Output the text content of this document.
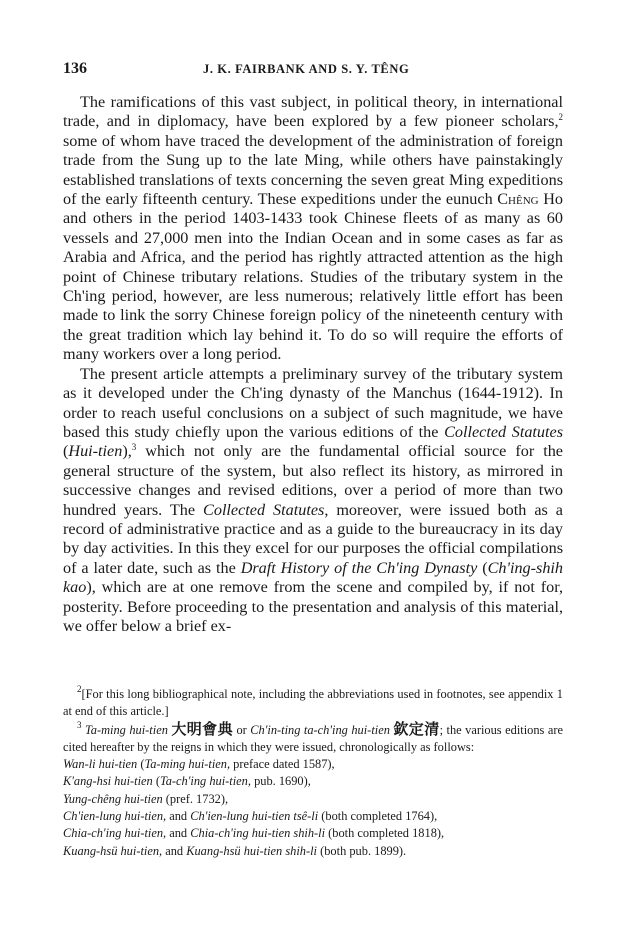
136	J. K. FAIRBANK AND S. Y. TÊNG

The ramifications of this vast subject, in political theory, in international trade, and in diplomacy, have been explored by a few pioneer scholars,$^2$ some of whom have traced the development of the administration of foreign trade from the Sung up to the late Ming, while others have painstakingly established translations of texts concerning the seven great Ming expeditions of the early fifteenth century. These expeditions under the eunuch Chêng Ho and others in the period 1403-1433 took Chinese fleets of as many as 60 vessels and 27,000 men into the Indian Ocean and in some cases as far as Arabia and Africa, and the period has rightly attracted attention as the high point of Chinese tributary relations. Studies of the tributary system in the Ch'ing period, however, are less numerous; relatively little effort has been made to link the sorry Chinese foreign policy of the nineteenth century with the great tradition which lay behind it. To do so will require the efforts of many workers over a long period.

The present article attempts a preliminary survey of the tributary system as it developed under the Ch'ing dynasty of the Manchus (1644-1912). In order to reach useful conclusions on a subject of such magnitude, we have based this study chiefly upon the various editions of the Collected Statutes (Hui-tien),$^3$ which not only are the fundamental official source for the general structure of the system, but also reflect its history, as mirrored in successive changes and revised editions, over a period of more than two hundred years. The Collected Statutes, moreover, were issued both as a record of administrative practice and as a guide to the bureaucracy in its day by day activities. In this they excel for our purposes the official compilations of a later date, such as the Draft History of the Ch'ing Dynasty (Ch'ing-shih kao), which are at one remove from the scene and compiled by, if not for, posterity. Before proceeding to the presentation and analysis of this material, we offer below a brief ex-

$^2$[For this long bibliographical note, including the abbreviations used in footnotes, see appendix 1 at end of this article.]

$^3$ Ta-ming hui-tien 大明會典 or Ch'in-ting ta-ch'ing hui-tien 欽定清; the various editions are cited hereafter by the reigns in which they were issued, chronologically as follows:

Wan-li hui-tien (Ta-ming hui-tien, preface dated 1587),
K'ang-hsi hui-tien (Ta-ch'ing hui-tien, pub. 1690),
Yung-chêng hui-tien (pref. 1732),
Ch'ien-lung hui-tien, and Ch'ien-lung hui-tien tsê-li (both completed 1764),
Chia-ch'ing hui-tien, and Chia-ch'ing hui-tien shih-li (both completed 1818),
Kuang-hsü hui-tien, and Kuang-hsü hui-tien shih-li (both pub. 1899).
